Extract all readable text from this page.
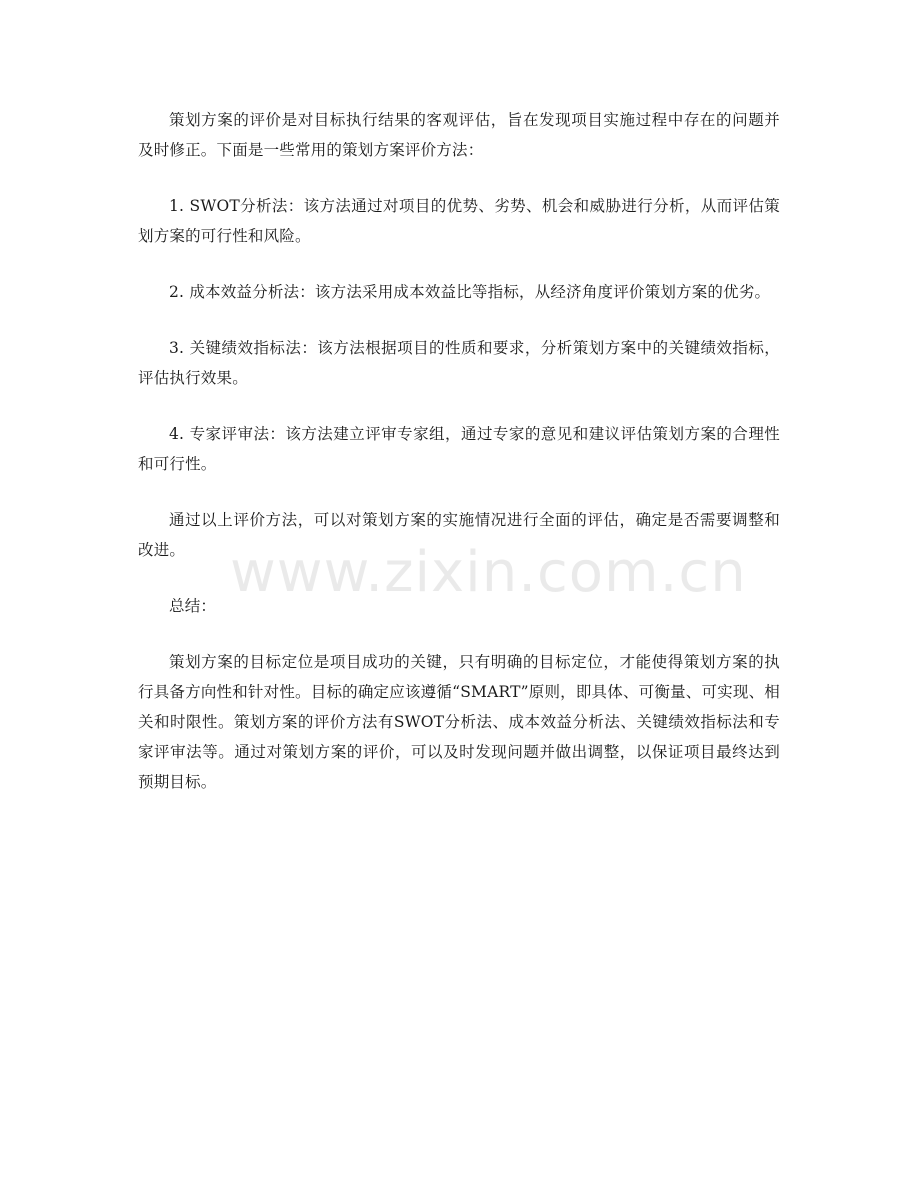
策划方案的评价是对目标执行结果的客观评估，旨在发现项目实施过程中存在的问题并及时修正。下面是一些常用的策划方案评价方法：

1. SWOT分析法：该方法通过对项目的优势、劣势、机会和威胁进行分析，从而评估策划方案的可行性和风险。

2. 成本效益分析法：该方法采用成本效益比等指标，从经济角度评价策划方案的优劣。

3. 关键绩效指标法：该方法根据项目的性质和要求，分析策划方案中的关键绩效指标，评估执行效果。

4. 专家评审法：该方法建立评审专家组，通过专家的意见和建议评估策划方案的合理性和可行性。

通过以上评价方法，可以对策划方案的实施情况进行全面的评估，确定是否需要调整和改进。

总结：

策划方案的目标定位是项目成功的关键，只有明确的目标定位，才能使得策划方案的执行具备方向性和针对性。目标的确定应该遵循“SMART”原则，即具体、可衡量、可实现、相关和时限性。策划方案的评价方法有SWOT分析法、成本效益分析法、关键绩效指标法和专家评审法等。通过对策划方案的评价，可以及时发现问题并做出调整，以保证项目最终达到预期目标。

www.zixin.com.cn
